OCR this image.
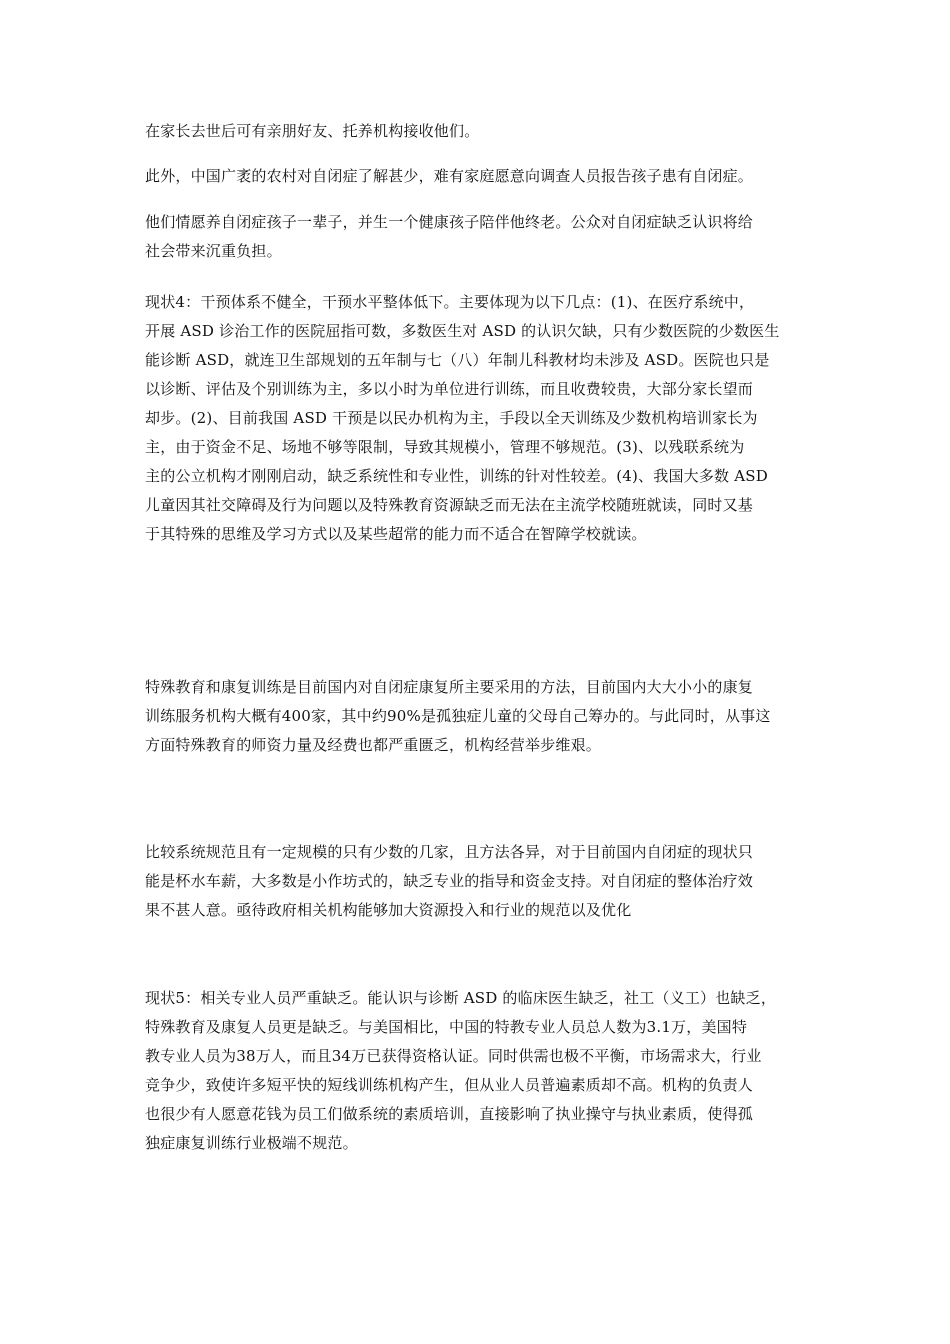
在家长去世后可有亲朋好友、托养机构接收他们。
此外，中国广袤的农村对自闭症了解甚少，难有家庭愿意向调查人员报告孩子患有自闭症。
他们情愿养自闭症孩子一辈子，并生一个健康孩子陪伴他终老。公众对自闭症缺乏认识将给
社会带来沉重负担。
现状4：干预体系不健全，干预水平整体低下。主要体现为以下几点：(1)、在医疗系统中，
开展 ASD 诊治工作的医院屈指可数，多数医生对 ASD 的认识欠缺，只有少数医院的少数医生
能诊断 ASD，就连卫生部规划的五年制与七（八）年制儿科教材均未涉及 ASD。医院也只是
以诊断、评估及个别训练为主，多以小时为单位进行训练，而且收费较贵，大部分家长望而
却步。(2)、目前我国 ASD 干预是以民办机构为主，手段以全天训练及少数机构培训家长为
主，由于资金不足、场地不够等限制，导致其规模小，管理不够规范。(3)、以残联系统为
主的公立机构才刚刚启动，缺乏系统性和专业性，训练的针对性较差。(4)、我国大多数 ASD
儿童因其社交障碍及行为问题以及特殊教育资源缺乏而无法在主流学校随班就读，同时又基
于其特殊的思维及学习方式以及某些超常的能力而不适合在智障学校就读。
特殊教育和康复训练是目前国内对自闭症康复所主要采用的方法，目前国内大大小小的康复
训练服务机构大概有400家，其中约90%是孤独症儿童的父母自己筹办的。与此同时，从事这
方面特殊教育的师资力量及经费也都严重匮乏，机构经营举步维艰。
比较系统规范且有一定规模的只有少数的几家，且方法各异，对于目前国内自闭症的现状只
能是杯水车薪，大多数是小作坊式的，缺乏专业的指导和资金支持。对自闭症的整体治疗效
果不甚人意。亟待政府相关机构能够加大资源投入和行业的规范以及优化
现状5：相关专业人员严重缺乏。能认识与诊断 ASD 的临床医生缺乏，社工（义工）也缺乏，
特殊教育及康复人员更是缺乏。与美国相比，中国的特教专业人员总人数为3.1万，美国特
教专业人员为38万人，而且34万已获得资格认证。同时供需也极不平衡，市场需求大，行业
竞争少，致使许多短平快的短线训练机构产生，但从业人员普遍素质却不高。机构的负责人
也很少有人愿意花钱为员工们做系统的素质培训，直接影响了执业操守与执业素质，使得孤
独症康复训练行业极端不规范。
